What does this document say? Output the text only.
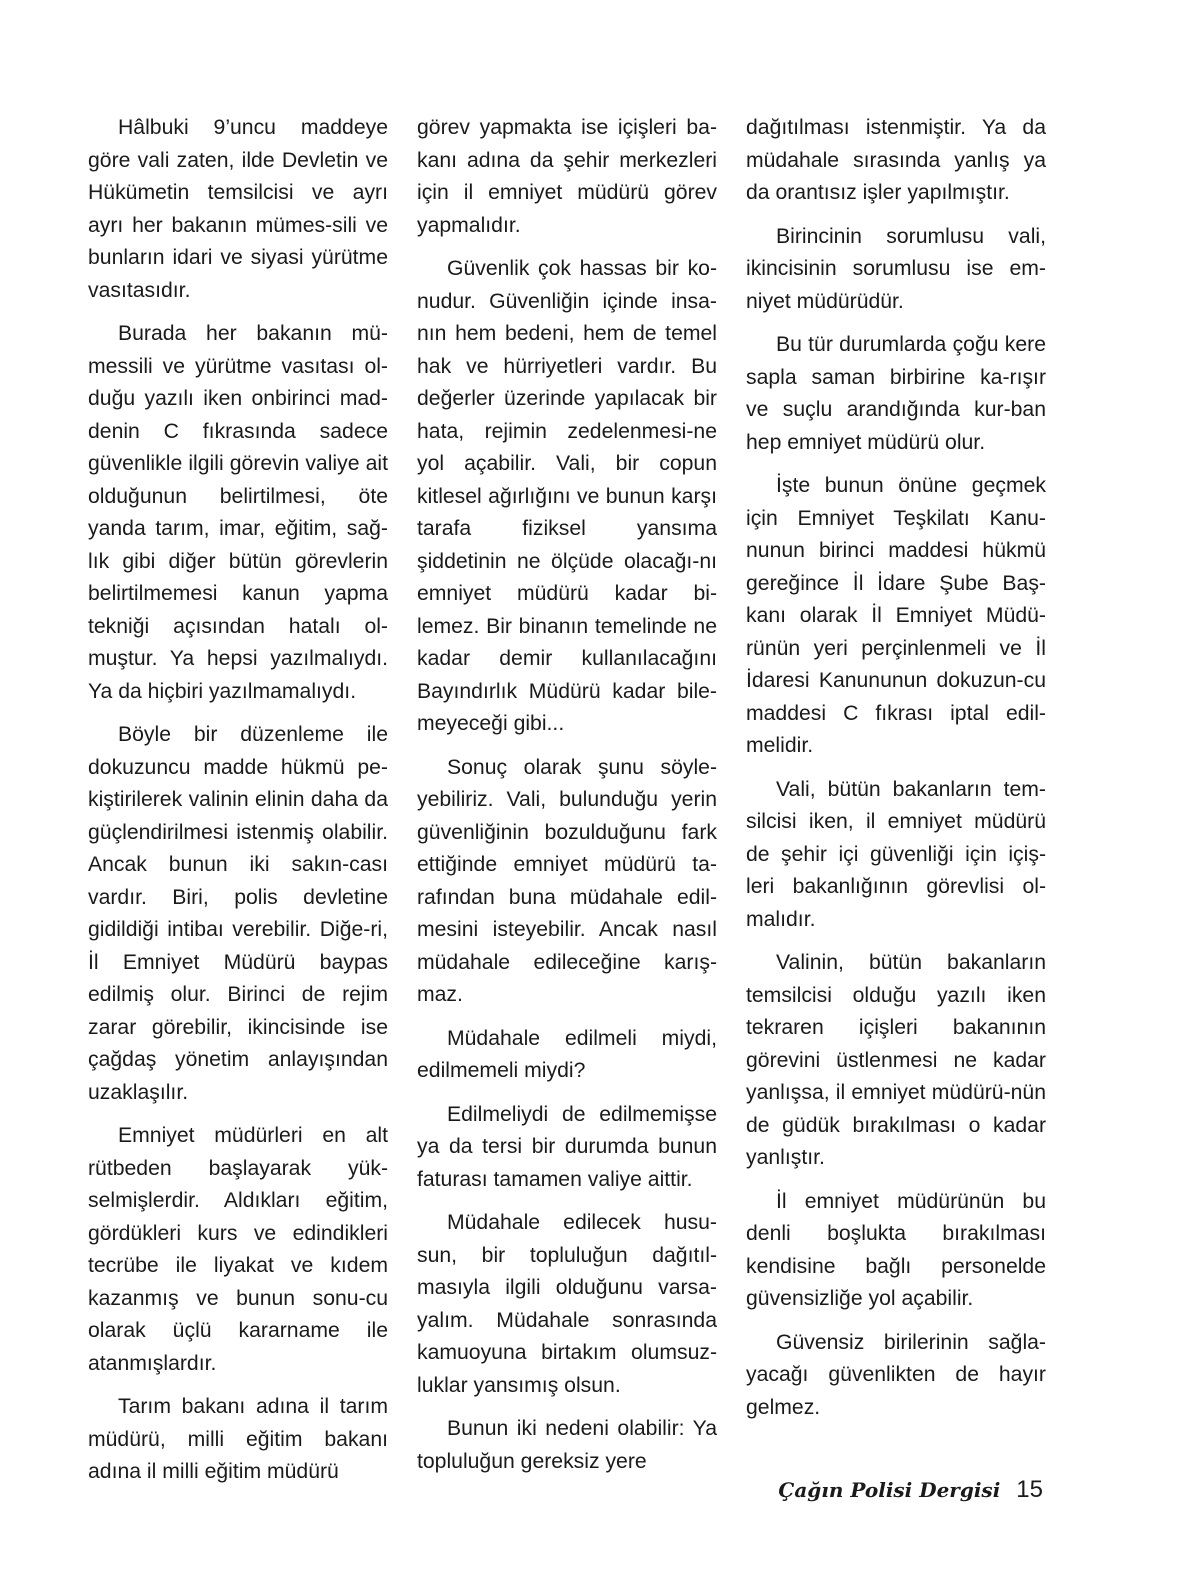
Hâlbuki 9’uncu maddeye göre vali zaten, ilde Devletin ve Hükümetin temsilcisi ve ayrı ayrı her bakanın mümes-sili ve bunların idari ve siyasi yürütme vasıtasıdır.

Burada her bakanın mü-messili ve yürütme vasıtası ol-duğu yazılı iken onbirinci mad-denin C fıkrasında sadece güvenlikle ilgili görevin valiye ait olduğunun belirtilmesi, öte yanda tarım, imar, eğitim, sağ-lık gibi diğer bütün görevlerin belirtilmemesi kanun yapma tekniği açısından hatalı ol-muştur. Ya hepsi yazılmalıydı. Ya da hiçbiri yazılmamalıydı.

Böyle bir düzenleme ile dokuzuncu madde hükmü pe-kiştirilerek valinin elinin daha da güçlendirilmesi istenmiş olabilir. Ancak bunun iki sakın-cası vardır. Biri, polis devletine gidildiği intibaı verebilir. Diğe-ri, İl Emniyet Müdürü baypas edilmiş olur. Birinci de rejim zarar görebilir, ikincisinde ise çağdaş yönetim anlayışından uzaklaşılır.

Emniyet müdürleri en alt rütbeden başlayarak yük-selmişlerdir. Aldıkları eğitim, gördükleri kurs ve edindikleri tecrübe ile liyakat ve kıdem kazanmış ve bunun sonu-cu olarak üçlü kararname ile atanmışlardır.

Tarım bakanı adına il tarım müdürü, milli eğitim bakanı adına il milli eğitim müdürü

görev yapmakta ise içişleri ba-kanı adına da şehir merkezleri için il emniyet müdürü görev yapmalıdır.

Güvenlik çok hassas bir ko-nudur. Güvenliğin içinde insa-nın hem bedeni, hem de temel hak ve hürriyetleri vardır. Bu değerler üzerinde yapılacak bir hata, rejimin zedelenmesi-ne yol açabilir. Vali, bir copun kitlesel ağırlığını ve bunun karşı tarafa fiziksel yansıma şiddetinin ne ölçüde olacağı-nı emniyet müdürü kadar bi-lemez. Bir binanın temelinde ne kadar demir kullanılacağını Bayındırlık Müdürü kadar bile-meyeceği gibi...

Sonuç olarak şunu söyle-yebiliriz. Vali, bulunduğu yerin güvenliğinin bozulduğunu fark ettiğinde emniyet müdürü ta-rafından buna müdahale edil-mesini isteyebilir. Ancak nasıl müdahale edileceğine karış-maz.

Müdahale edilmeli miydi, edilmemeli miydi?

Edilmeliydi de edilmemişse ya da tersi bir durumda bunun faturası tamamen valiye aittir.

Müdahale edilecek husu-sun, bir topluluğun dağıtıl-masıyla ilgili olduğunu varsa-yalım. Müdahale sonrasında kamuoyuna birtakım olumsuz-luklar yansımış olsun.

Bunun iki nedeni olabilir: Ya topluluğun gereksiz yere

dağıtılması istenmiştir. Ya da müdahale sırasında yanlış ya da orantısız işler yapılmıştır.

Birincinin sorumlusu vali, ikincisinin sorumlusu ise em-niyet müdürüdür.

Bu tür durumlarda çoğu kere sapla saman birbirine ka-rışır ve suçlu arandığında kur-ban hep emniyet müdürü olur.

İşte bunun önüne geçmek için Emniyet Teşkilatı Kanu-nunun birinci maddesi hükmü gereğince İl İdare Şube Baş-kanı olarak İl Emniyet Müdü-rünün yeri perçinlenmeli ve İl İdaresi Kanununun dokuzun-cu maddesi C fıkrası iptal edil-melidir.

Vali, bütün bakanların tem-silcisi iken, il emniyet müdürü de şehir içi güvenliği için içiş-leri bakanlığının görevlisi ol-malıdır.

Valinin, bütün bakanların temsilcisi olduğu yazılı iken tekraren içişleri bakanının görevini üstlenmesi ne kadar yanlışsa, il emniyet müdürü-nün de güdük bırakılması o kadar yanlıştır.

İl emniyet müdürünün bu denli boşlukta bırakılması kendisine bağlı personelde güvensizliğe yol açabilir.

Güvensiz birilerinin sağla-yacağı güvenlikten de hayır gelmez.

Çağın Polisi Dergisi 15
